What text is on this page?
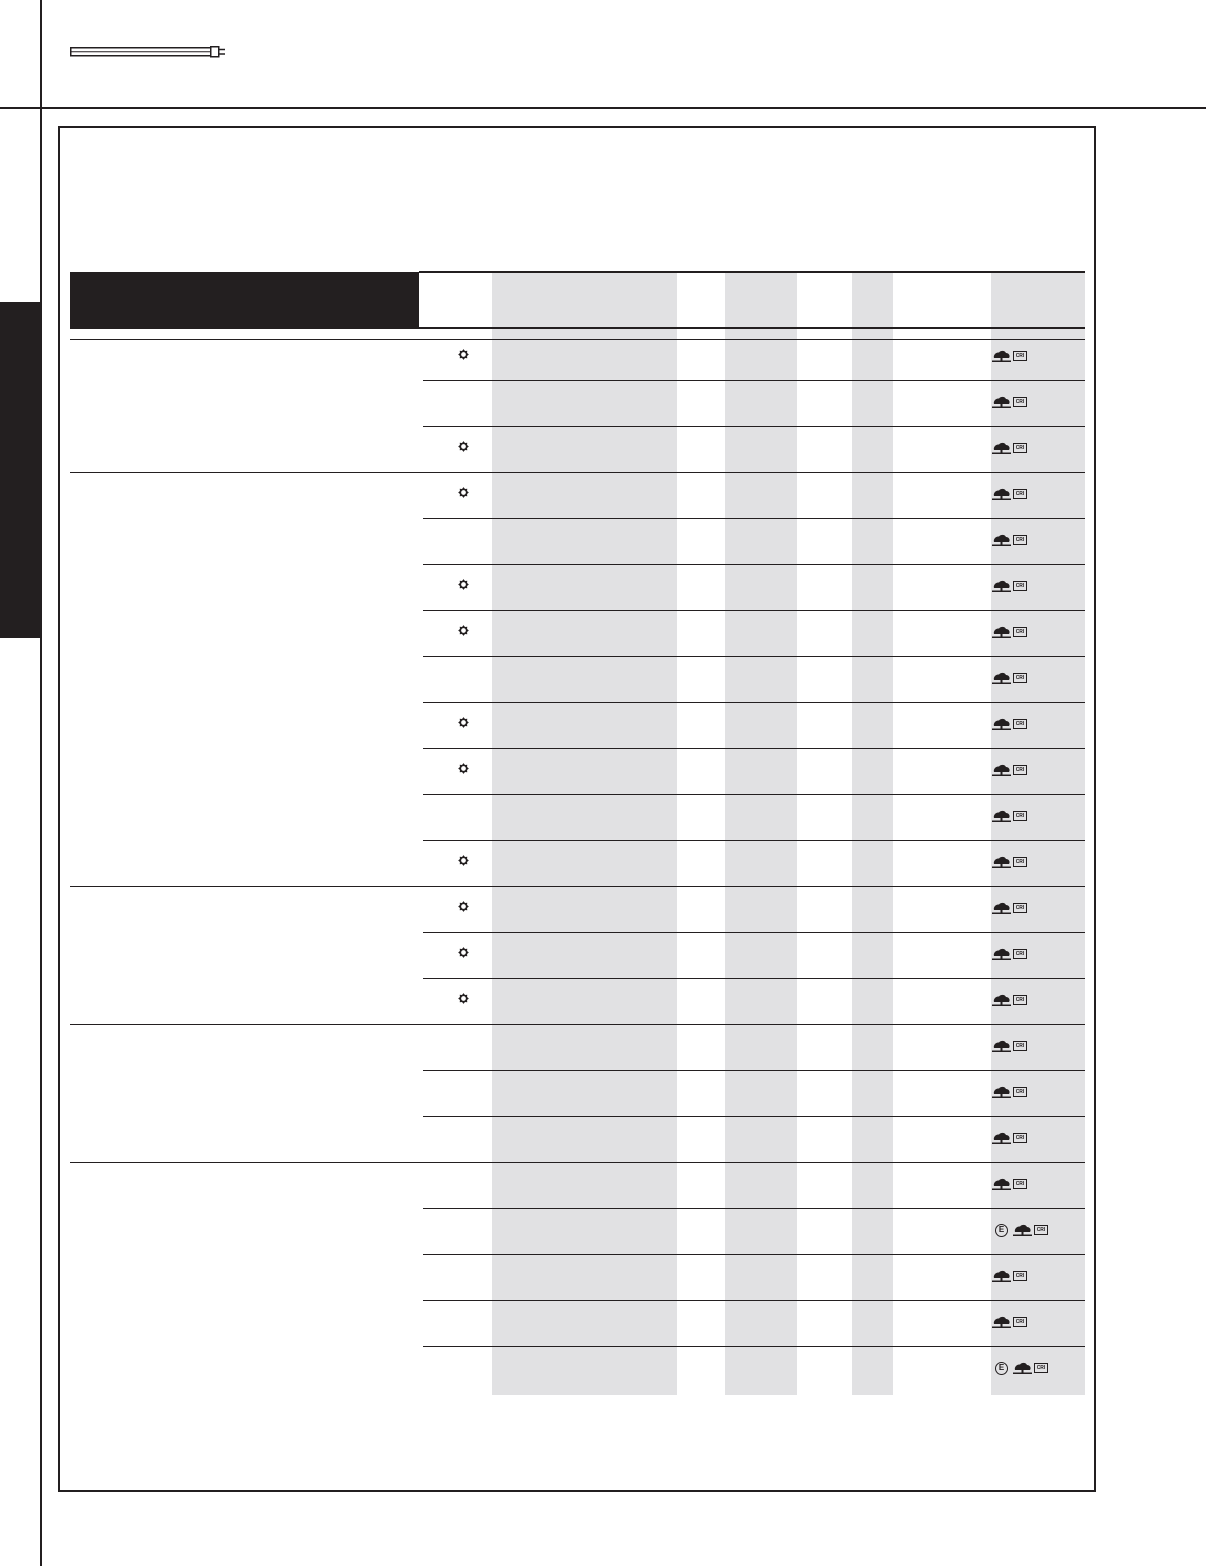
CRI
CRI
CRI
CRI
CRI
CRI
CRI
CRI
CRI
CRI
CRI
CRI
CRI
CRI
CRI
CRI
CRI
CRI
CRI
E	CRI
CRI
CRI
E	CRI
